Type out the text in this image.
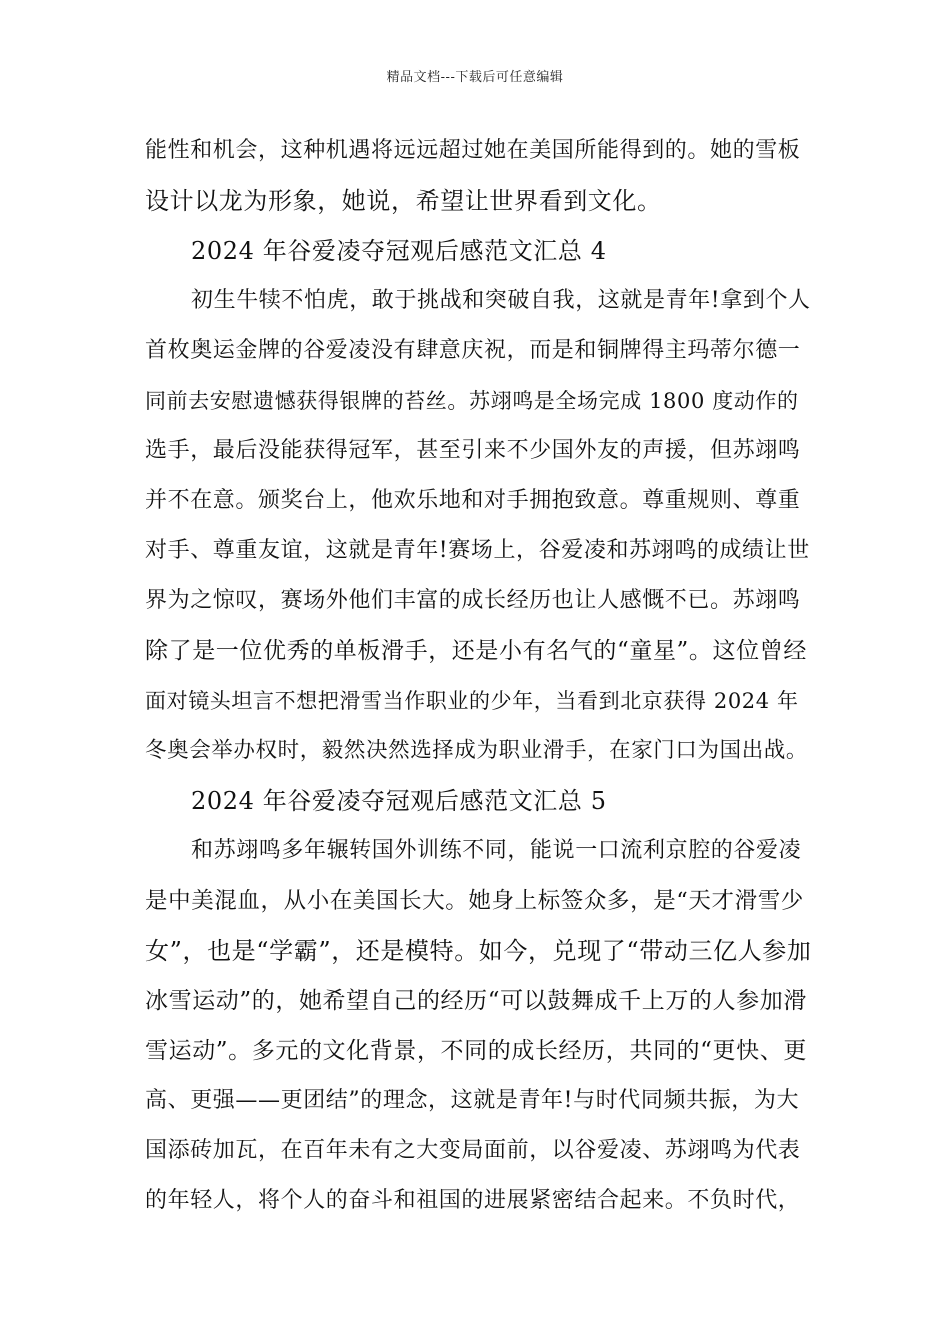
精品文档---下载后可任意编辑
能性和机会，这种机遇将远远超过她在美国所能得到的。她的雪板
设计以龙为形象，她说，希望让世界看到文化。
2024 年谷爱凌夺冠观后感范文汇总 4
初生牛犊不怕虎，敢于挑战和突破自我，这就是青年!拿到个人
首枚奥运金牌的谷爱凌没有肆意庆祝，而是和铜牌得主玛蒂尔德一
同前去安慰遗憾获得银牌的苔丝。苏翊鸣是全场完成 1800 度动作的
选手，最后没能获得冠军，甚至引来不少国外友的声援，但苏翊鸣
并不在意。颁奖台上，他欢乐地和对手拥抱致意。尊重规则、尊重
对手、尊重友谊，这就是青年!赛场上，谷爱凌和苏翊鸣的成绩让世
界为之惊叹，赛场外他们丰富的成长经历也让人感慨不已。苏翊鸣
除了是一位优秀的单板滑手，还是小有名气的“童星”。这位曾经
面对镜头坦言不想把滑雪当作职业的少年，当看到北京获得 2024 年
冬奥会举办权时，毅然决然选择成为职业滑手，在家门口为国出战。
2024 年谷爱凌夺冠观后感范文汇总 5
和苏翊鸣多年辗转国外训练不同，能说一口流利京腔的谷爱凌
是中美混血，从小在美国长大。她身上标签众多，是“天才滑雪少
女”，也是“学霸”，还是模特。如今，兑现了“带动三亿人参加
冰雪运动”的，她希望自己的经历“可以鼓舞成千上万的人参加滑
雪运动”。多元的文化背景，不同的成长经历，共同的“更快、更
高、更强——更团结”的理念，这就是青年!与时代同频共振，为大
国添砖加瓦，在百年未有之大变局面前，以谷爱凌、苏翊鸣为代表
的年轻人，将个人的奋斗和祖国的进展紧密结合起来。不负时代，
